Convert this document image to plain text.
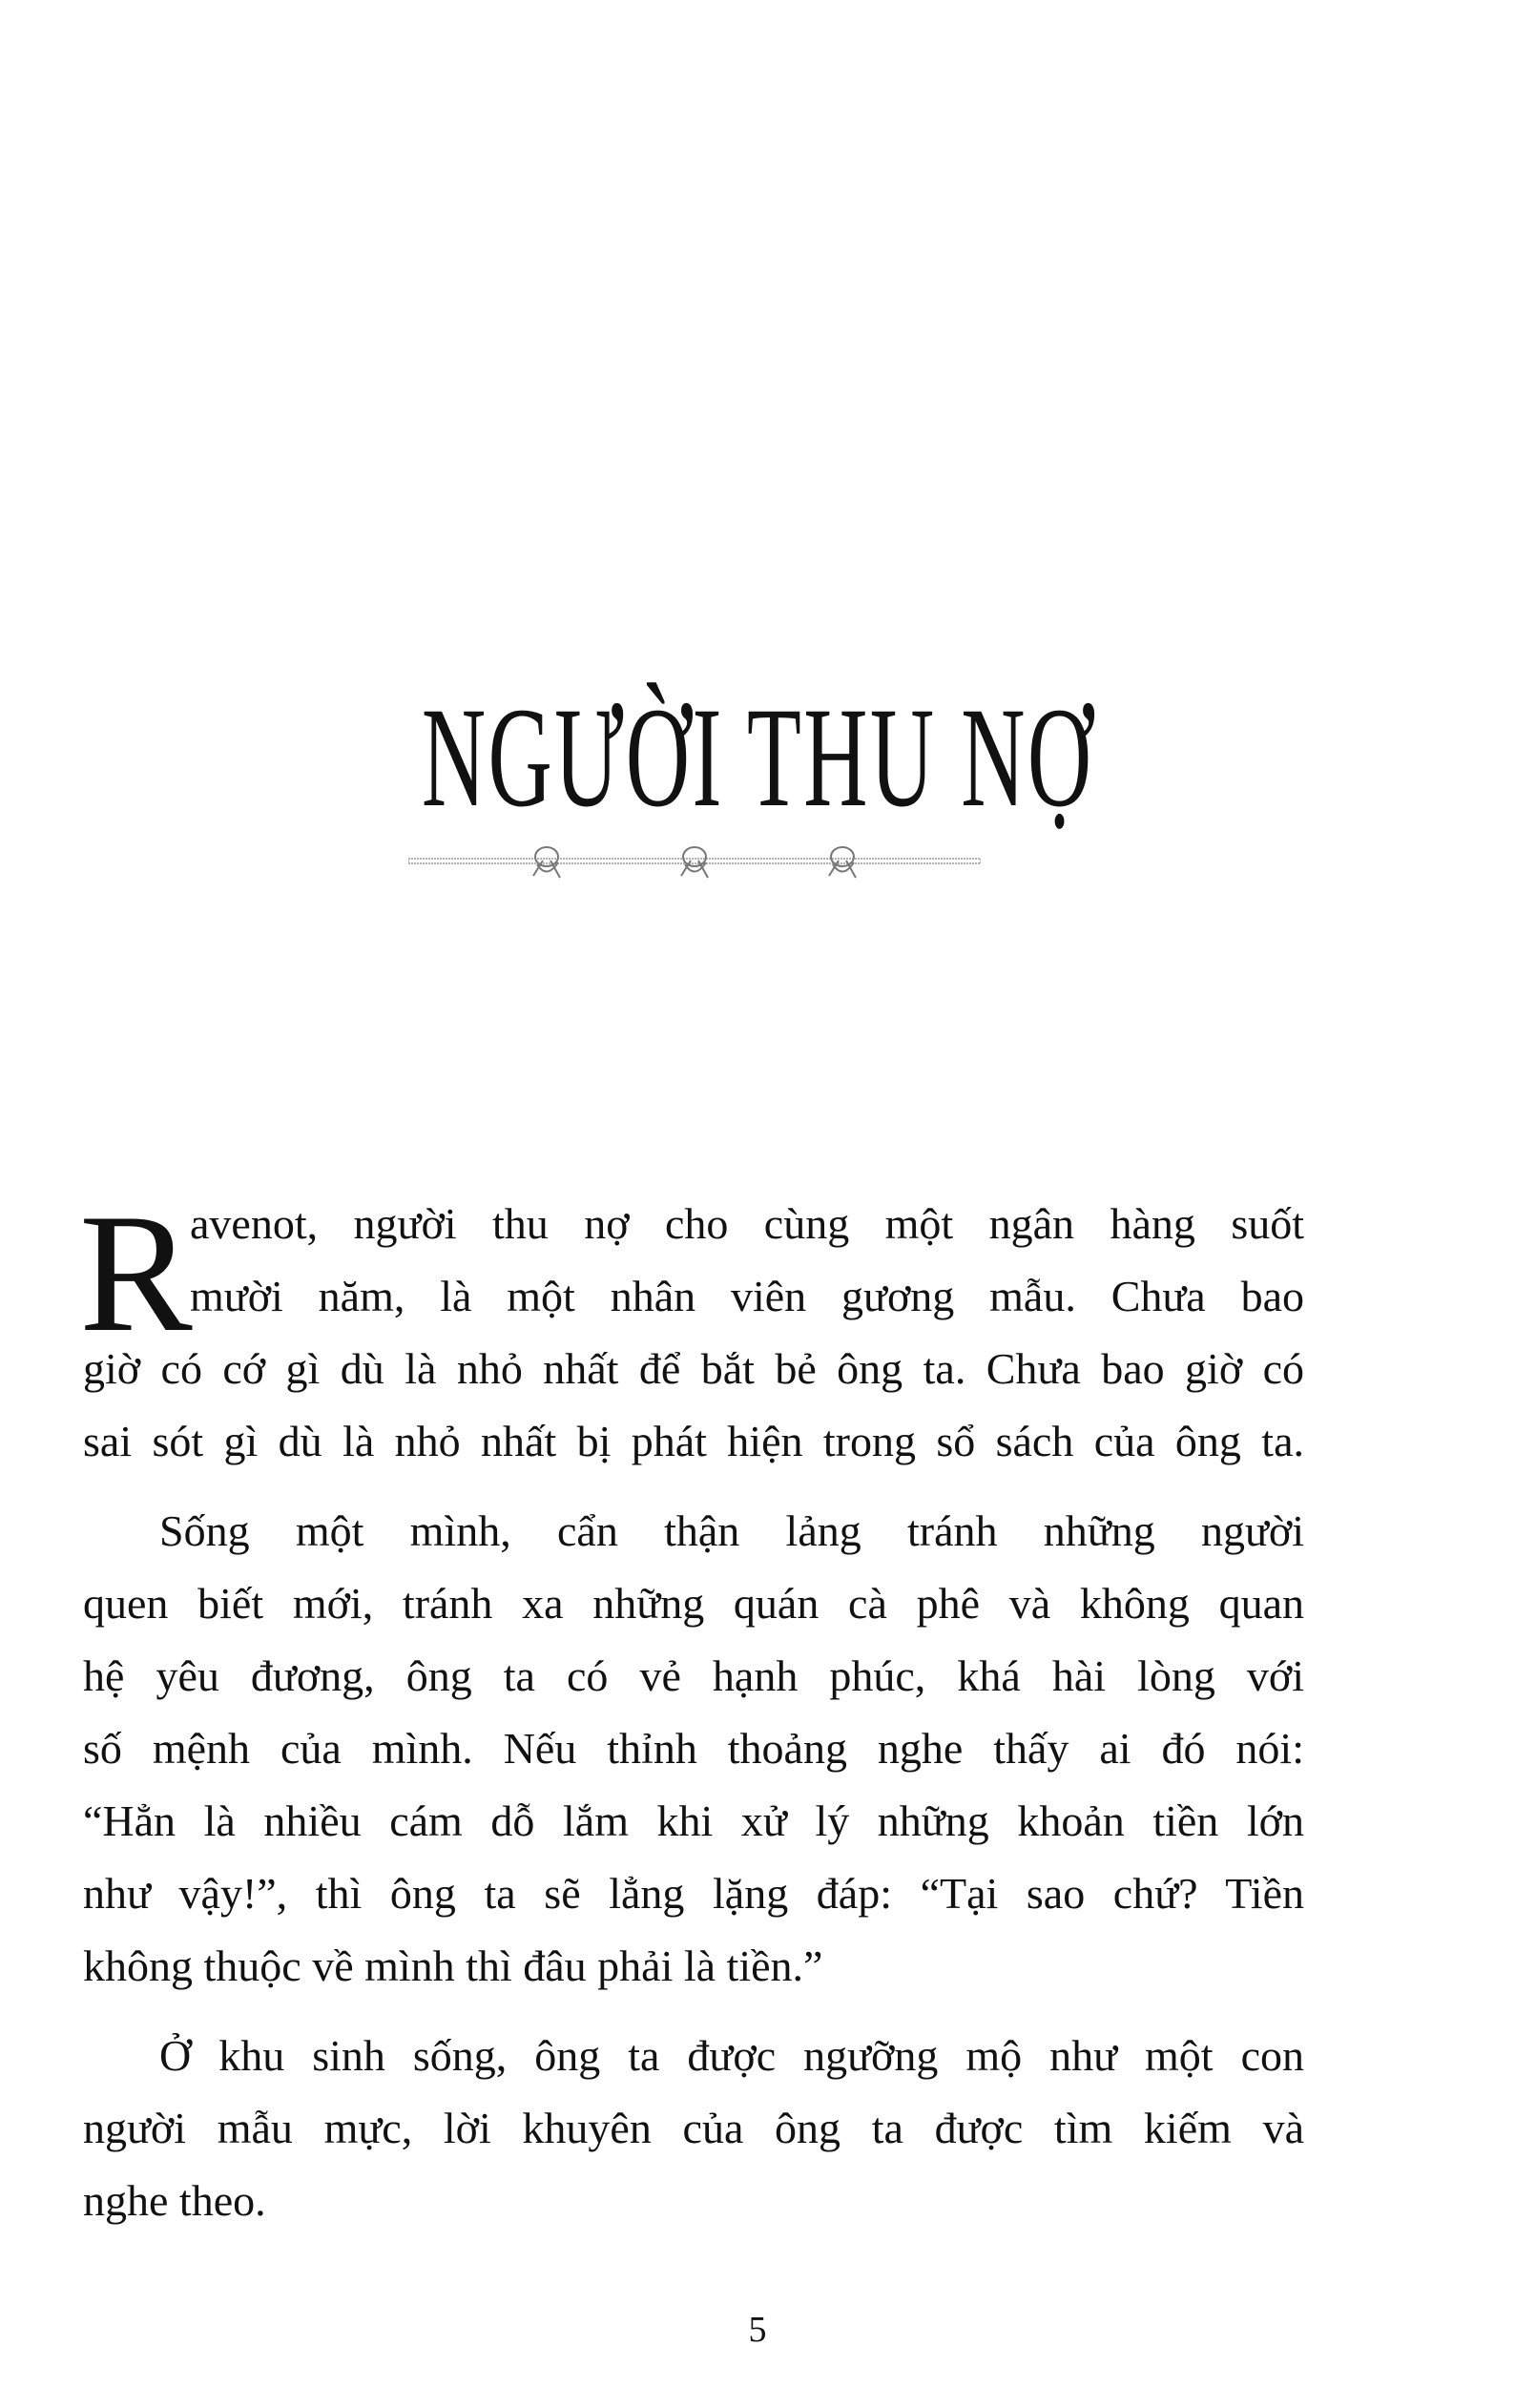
NGƯỜI THU NỢ
R
avenot, người thu nợ cho cùng một ngân hàng suốt
mười năm, là một nhân viên gương mẫu. Chưa bao
giờ có cớ gì dù là nhỏ nhất để bắt bẻ ông ta. Chưa bao giờ có
sai sót gì dù là nhỏ nhất bị phát hiện trong sổ sách của ông ta.
Sống một mình, cẩn thận lảng tránh những người
quen biết mới, tránh xa những quán cà phê và không quan
hệ yêu đương, ông ta có vẻ hạnh phúc, khá hài lòng với
số mệnh của mình. Nếu thỉnh thoảng nghe thấy ai đó nói:
“Hẳn là nhiều cám dỗ lắm khi xử lý những khoản tiền lớn
như vậy!”, thì ông ta sẽ lẳng lặng đáp: “Tại sao chứ? Tiền
không thuộc về mình thì đâu phải là tiền.”
Ở khu sinh sống, ông ta được ngưỡng mộ như một con
người mẫu mực, lời khuyên của ông ta được tìm kiếm và
nghe theo.
5
